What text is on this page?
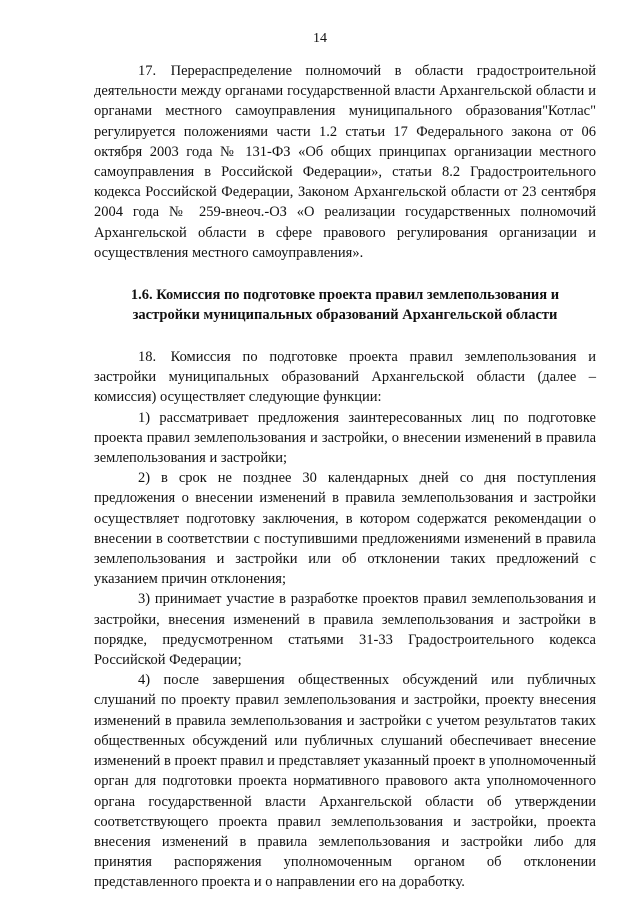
14

17. Перераспределение полномочий в области градостроительной деятельности между органами государственной власти Архангельской области и органами местного самоуправления муниципального образования"Котлас" регулируется положениями части 1.2 статьи 17 Федерального закона от 06 октября 2003 года № 131-ФЗ «Об общих принципах организации местного самоуправления в Российской Федерации», статьи 8.2 Градостроительного кодекса Российской Федерации, Законом Архангельской области от 23 сентября 2004 года № 259-внеоч.-ОЗ «О реализации государственных полномочий Архангельской области в сфере правового регулирования организации и осуществления местного самоуправления».

1.6. Комиссия по подготовке проекта правил землепользования и
застройки муниципальных образований Архангельской области

18. Комиссия по подготовке проекта правил землепользования и застройки муниципальных образований Архангельской области (далее – комиссия) осуществляет следующие функции:

1) рассматривает предложения заинтересованных лиц по подготовке проекта правил землепользования и застройки, о внесении изменений в правила землепользования и застройки;

2) в срок не позднее 30 календарных дней со дня поступления предложения о внесении изменений в правила землепользования и застройки осуществляет подготовку заключения, в котором содержатся рекомендации о внесении в соответствии с поступившими предложениями изменений в правила землепользования и застройки или об отклонении таких предложений с указанием причин отклонения;

3) принимает участие в разработке проектов правил землепользования и застройки, внесения изменений в правила землепользования и застройки в порядке, предусмотренном статьями 31-33 Градостроительного кодекса Российской Федерации;

4) после завершения общественных обсуждений или публичных слушаний по проекту правил землепользования и застройки, проекту внесения изменений в правила землепользования и застройки с учетом результатов таких общественных обсуждений или публичных слушаний обеспечивает внесение изменений в проект правил и представляет указанный проект в уполномоченный орган для подготовки проекта нормативного правового акта уполномоченного органа государственной власти Архангельской области об утверждении соответствующего проекта правил землепользования и застройки, проекта внесения изменений в правила землепользования и застройки либо для принятия распоряжения уполномоченным органом об отклонении представленного проекта и о направлении его на доработку.
